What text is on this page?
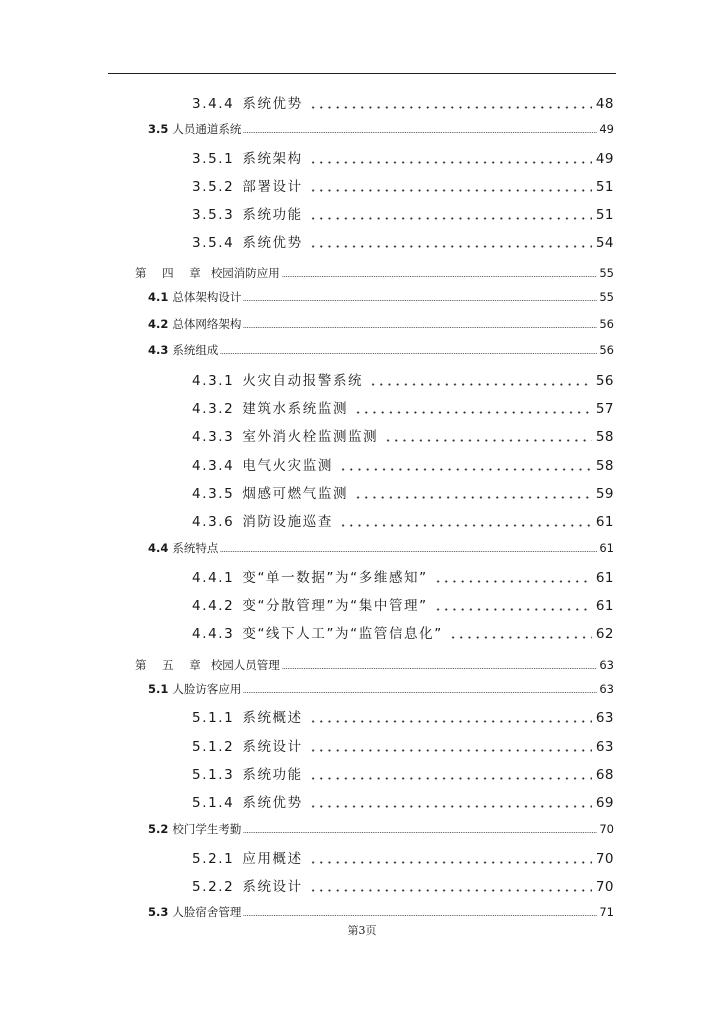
3.4.4 系统优势	48
3.5 人员通道系统	49
3.5.1 系统架构	49
3.5.2 部署设计	51
3.5.3 系统功能	51
3.5.4 系统优势	54
第 四 章 校园消防应用	55
4.1 总体架构设计	55
4.2 总体网络架构	56
4.3 系统组成	56
4.3.1 火灾自动报警系统	56
4.3.2 建筑水系统监测	57
4.3.3 室外消火栓监测监测	58
4.3.4 电气火灾监测	58
4.3.5 烟感可燃气监测	59
4.3.6 消防设施巡查	61
4.4 系统特点	61
4.4.1 变“单一数据”为“多维感知”	61
4.4.2 变“分散管理”为“集中管理”	61
4.4.3 变“线下人工”为“监管信息化”	62
第 五 章 校园人员管理	63
5.1 人脸访客应用	63
5.1.1 系统概述	63
5.1.2 系统设计	63
5.1.3 系统功能	68
5.1.4 系统优势	69
5.2 校门学生考勤	70
5.2.1 应用概述	70
5.2.2 系统设计	70
5.3 人脸宿舍管理	71
第3页
